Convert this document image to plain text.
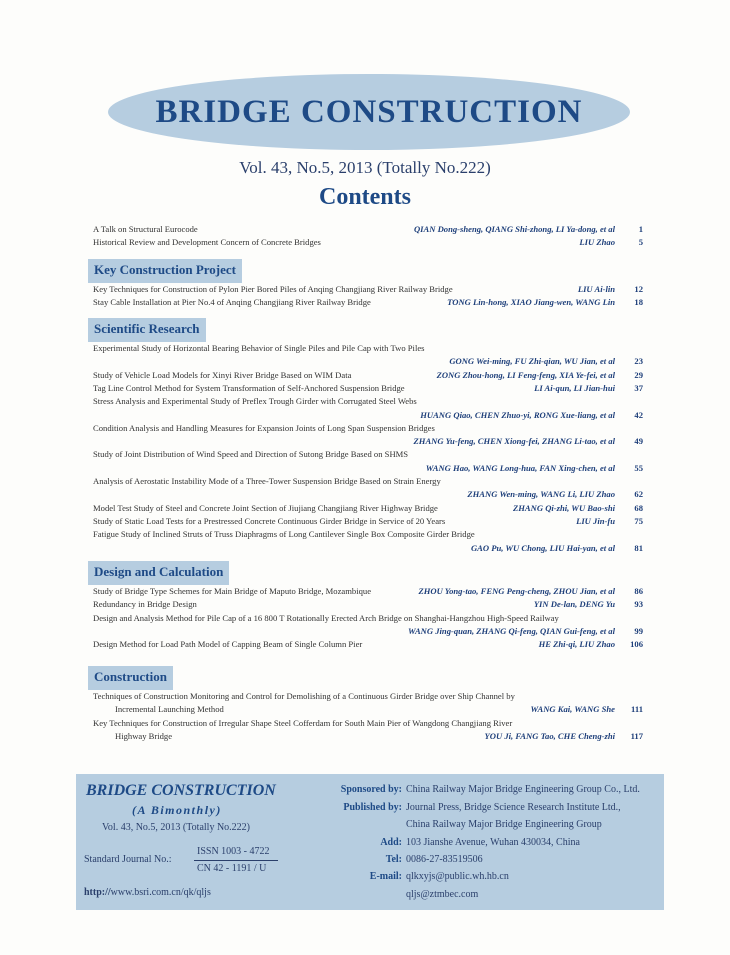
BRIDGE CONSTRUCTION
Vol. 43, No.5, 2013 (Totally No.222)
Contents
A Talk on Structural Eurocode	QIAN Dong-sheng, QIANG Shi-zhong, LI Ya-dong, et al	1
Historical Review and Development Concern of Concrete Bridges	LIU Zhao	5
Key Construction Project
Key Techniques for Construction of Pylon Pier Bored Piles of Anqing Changjiang River Railway Bridge	LIU Ai-lin	12
Stay Cable Installation at Pier No.4 of Anqing Changjiang River Railway Bridge	TONG Lin-hong, XIAO Jiang-wen, WANG Lin	18
Scientific Research
Experimental Study of Horizontal Bearing Behavior of Single Piles and Pile Cap with Two Piles
GONG Wei-ming, FU Zhi-qian, WU Jian, et al	23
Study of Vehicle Load Models for Xinyi River Bridge Based on WIM Data	ZONG Zhou-hong, LI Feng-feng, XIA Ye-fei, et al	29
Tag Line Control Method for System Transformation of Self-Anchored Suspension Bridge	LI Ai-qun, LI Jian-hui	37
Stress Analysis and Experimental Study of Preflex Trough Girder with Corrugated Steel Webs
HUANG Qiao, CHEN Zhuo-yi, RONG Xue-liang, et al	42
Condition Analysis and Handling Measures for Expansion Joints of Long Span Suspension Bridges
ZHANG Yu-feng, CHEN Xiong-fei, ZHANG Li-tao, et al	49
Study of Joint Distribution of Wind Speed and Direction of Sutong Bridge Based on SHMS
WANG Hao, WANG Long-hua, FAN Xing-chen, et al	55
Analysis of Aerostatic Instability Mode of a Three-Tower Suspension Bridge Based on Strain Energy
ZHANG Wen-ming, WANG Li, LIU Zhao	62
Model Test Study of Steel and Concrete Joint Section of Jiujiang Changjiang River Highway Bridge	ZHANG Qi-zhi, WU Bao-shi	68
Study of Static Load Tests for a Prestressed Concrete Continuous Girder Bridge in Service of 20 Years	LIU Jin-fu	75
Fatigue Study of Inclined Struts of Truss Diaphragms of Long Cantilever Single Box Composite Girder Bridge
GAO Pu, WU Chong, LIU Hai-yan, et al	81
Design and Calculation
Study of Bridge Type Schemes for Main Bridge of Maputo Bridge, Mozambique	ZHOU Yong-tao, FENG Peng-cheng, ZHOU Jian, et al	86
Redundancy in Bridge Design	YIN De-lan, DENG Yu	93
Design and Analysis Method for Pile Cap of a 16 800 T Rotationally Erected Arch Bridge on Shanghai-Hangzhou High-Speed Railway
WANG Jing-quan, ZHANG Qi-feng, QIAN Gui-feng, et al	99
Design Method for Load Path Model of Capping Beam of Single Column Pier	HE Zhi-qi, LIU Zhao	106
Construction
Techniques of Construction Monitoring and Control for Demolishing of a Continuous Girder Bridge over Ship Channel by
Incremental Launching Method	WANG Kai, WANG She	111
Key Techniques for Construction of Irregular Shape Steel Cofferdam for South Main Pier of Wangdong Changjiang River
Highway Bridge	YOU Ji, FANG Tao, CHE Cheng-zhi	117
BRIDGE CONSTRUCTION
(A Bimonthly)
Vol. 43, No.5, 2013 (Totally No.222)
Standard Journal No.:
ISSN 1003 - 4722
CN 42 - 1191 / U
http://www.bsri.com.cn/qk/qljs
Sponsored by: China Railway Major Bridge Engineering Group Co., Ltd.
Published by: Journal Press, Bridge Science Research Institute Ltd.,
China Railway Major Bridge Engineering Group
Add: 103 Jianshe Avenue, Wuhan 430034, China
Tel: 0086-27-83519506
E-mail: qlkxyjs@public.wh.hb.cn
qljs@ztmbec.com
